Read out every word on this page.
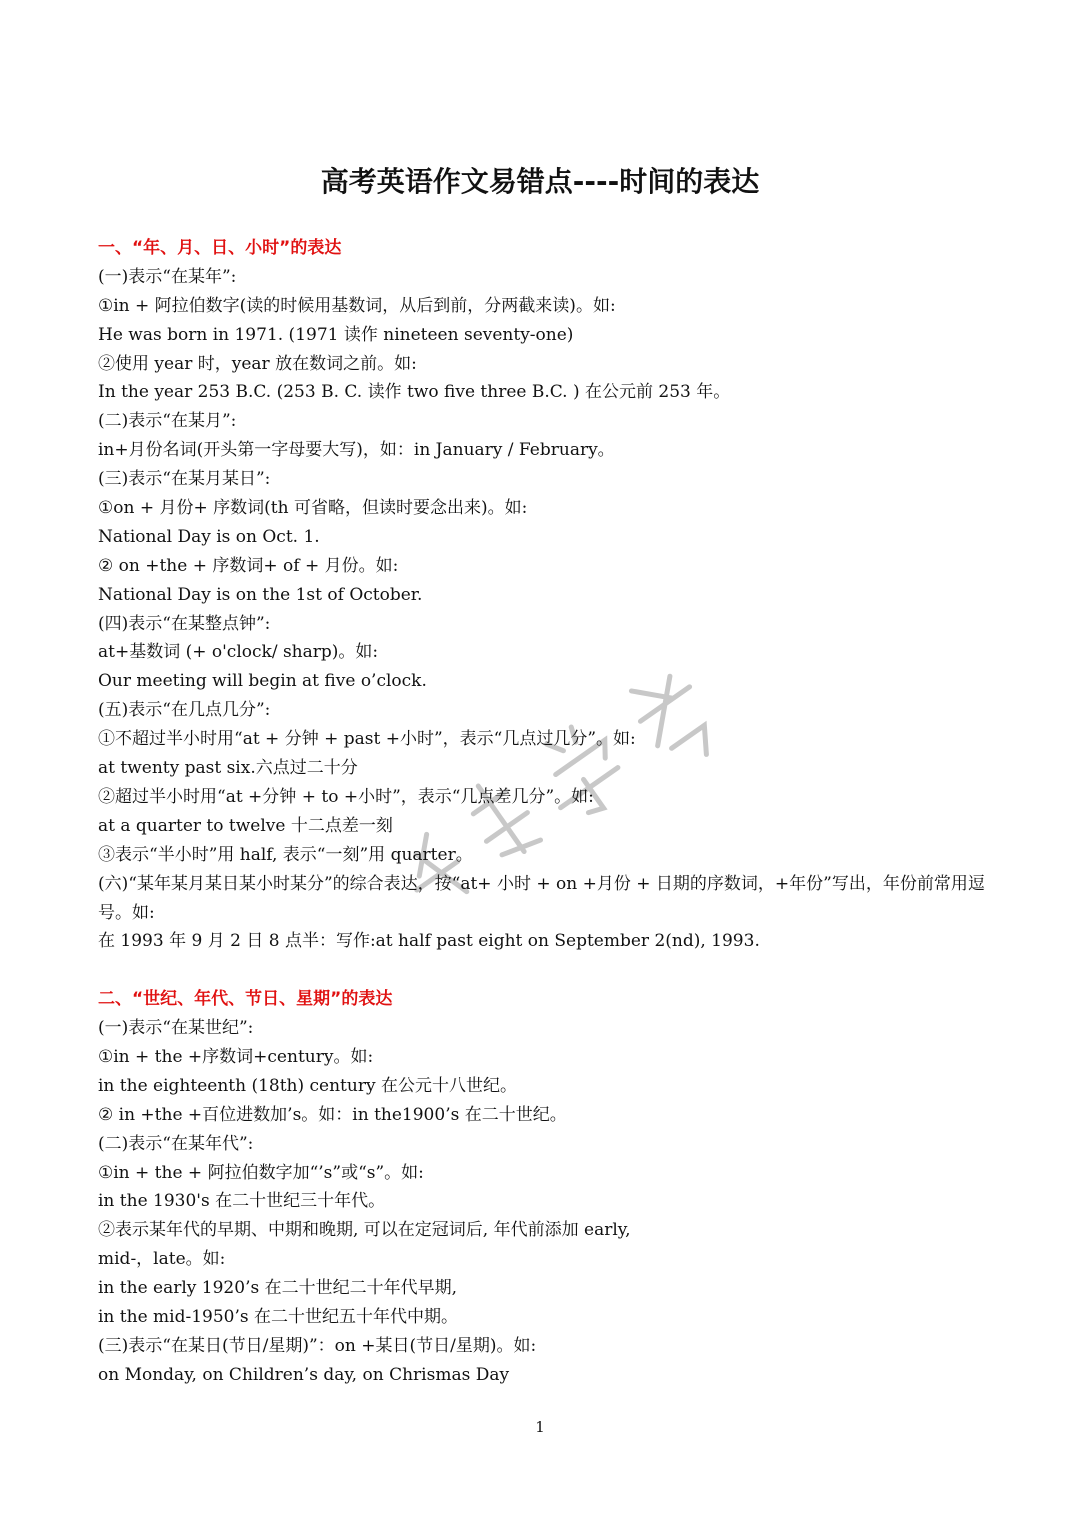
高考英语作文易错点----时间的表达
一、“年、月、日、小时”的表达
(一)表示“在某年”:
①in + 阿拉伯数字(读的时候用基数词，从后到前，分两截来读)。如:
He was born in 1971. (1971 读作 nineteen seventy-one)
②使用 year 时，year 放在数词之前。如:
In the year 253 B.C. (253 B. C. 读作 two five three B.C. ) 在公元前 253 年。
(二)表示“在某月”:
in+月份名词(开头第一字母要大写)，如：in January / February。
(三)表示“在某月某日”:
①on + 月份+ 序数词(th 可省略，但读时要念出来)。如:
National Day is on Oct. 1.
② on +the + 序数词+ of + 月份。如:
National Day is on the 1st of October.
(四)表示“在某整点钟”:
at+基数词 (+ o'clock/ sharp)。如:
Our meeting will begin at five o’clock.
(五)表示“在几点几分”:
①不超过半小时用“at + 分钟 + past +小时”，表示“几点过几分”。如:
at twenty past six.六点过二十分
②超过半小时用“at +分钟 + to +小时”，表示“几点差几分”。如:
at a quarter to twelve 十二点差一刻
③表示“半小时”用 half, 表示“一刻”用 quarter。
(六)“某年某月某日某小时某分”的综合表达，按“at+ 小时 + on +月份 + 日期的序数词，+年份”写出，年份前常用逗号。如:
在 1993 年 9 月 2 日 8 点半：写作:at half past eight on September 2(nd), 1993.
二、“世纪、年代、节日、星期”的表达
(一)表示“在某世纪”:
①in + the +序数词+century。如:
in the eighteenth (18th) century 在公元十八世纪。
② in +the +百位进数加’s。如：in the1900’s 在二十世纪。
(二)表示“在某年代”:
①in + the + 阿拉伯数字加“’s”或“s”。如:
in the 1930's 在二十世纪三十年代。
②表示某年代的早期、中期和晚期, 可以在定冠词后, 年代前添加 early,
mid-，late。如:
in the early 1920’s 在二十世纪二十年代早期,
in the mid-1950’s 在二十世纪五十年代中期。
(三)表示“在某日(节日/星期)”：on +某日(节日/星期)。如:
on Monday, on Children’s day, on Chrismas Day
1
